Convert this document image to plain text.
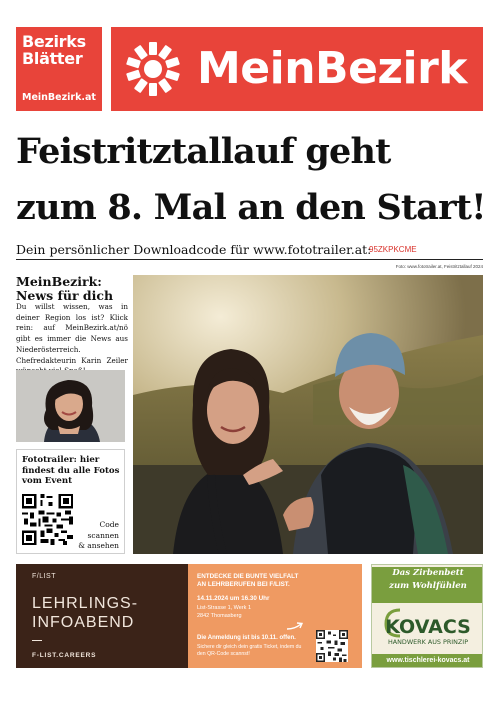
Bezirks
Blätter
MeinBezirk.at
MeinBezirk
Feistritztallauf geht
zum 8. Mal an den Start!
Dein persönlicher Downloadcode für www.fototrailer.at:
95ZKPKCME
Foto: www.fototrailer.at, Feistritztallauf 2024
MeinBezirk:
News für dich
Du willst wissen, was in deiner Region los ist? Klick rein: auf MeinBezirk.at/nö gibt es immer die News aus Niederösterreich. Chefredakteurin Karin Zeiler
Fototrailer: hier findest du alle Fotos vom Event
Code
scannen
& ansehen
F/LIST
LEHRLINGS-
INFOABEND
F-LIST.CAREERS
ENTDECKE DIE BUNTE VIELFALT
AN LEHRBERUFEN BEI F/LIST.
14.11.2024 um 16.30 Uhr
List-Strasse 1, Werk 1
2842 Thomasberg
Die Anmeldung ist bis 10.11. offen.
Sichere dir gleich dein gratis Ticket, indem du den QR-Code scannst!
Das Zirbenbett
zum Wohlfühlen
KOVACS
HANDWERK AUS PRINZIP
www.tischlerei-kovacs.at
